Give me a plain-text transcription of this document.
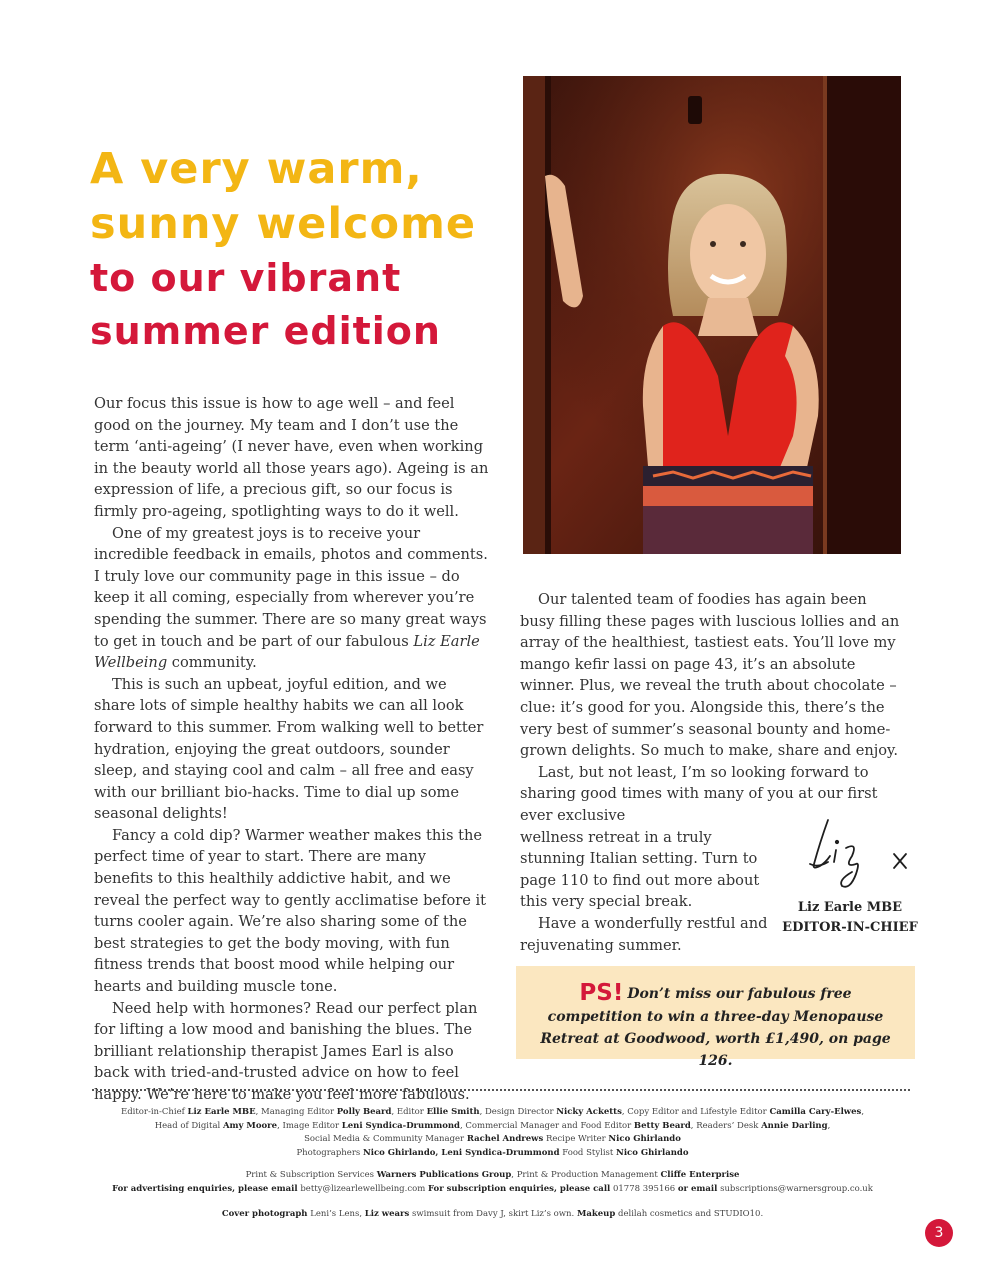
A very warm,
sunny welcome
to our vibrant
summer edition

Our focus this issue is how to age well – and feel good on the journey. My team and I don’t use the term ‘anti-ageing’ (I never have, even when working in the beauty world all those years ago). Ageing is an expression of life, a precious gift, so our focus is firmly pro-ageing, spotlighting ways to do it well.

One of my greatest joys is to receive your incredible feedback in emails, photos and comments. I truly love our community page in this issue – do keep it all coming, especially from wherever you’re spending the summer. There are so many great ways to get in touch and be part of our fabulous Liz Earle Wellbeing community.

This is such an upbeat, joyful edition, and we share lots of simple healthy habits we can all look forward to this summer. From walking well to better hydration, enjoying the great outdoors, sounder sleep, and staying cool and calm – all free and easy with our brilliant bio-hacks. Time to dial up some seasonal delights!

Fancy a cold dip? Warmer weather makes this the perfect time of year to start. There are many benefits to this healthily addictive habit, and we reveal the perfect way to gently acclimatise before it turns cooler again. We’re also sharing some of the best strategies to get the body moving, with fun fitness trends that boost mood while helping our hearts and building muscle tone.

Need help with hormones? Read our perfect plan for lifting a low mood and banishing the blues. The brilliant relationship therapist James Earl is also back with tried-and-trusted advice on how to feel happy. We’re here to make you feel more fabulous.

Our talented team of foodies has again been busy filling these pages with luscious lollies and an array of the healthiest, tastiest eats. You’ll love my mango kefir lassi on page 43, it’s an absolute winner. Plus, we reveal the truth about chocolate – clue: it’s good for you. Alongside this, there’s the very best of summer’s seasonal bounty and home-grown delights. So much to make, share and enjoy.

Last, but not least, I’m so looking forward to sharing good times with many of you at our first ever exclusive

wellness retreat in a truly stunning Italian setting. Turn to page 110 to find out more about this very special break.

Have a wonderfully restful and rejuvenating summer.

Liz Earle MBE
EDITOR-IN-CHIEF
PS! Don’t miss our fabulous free competition to win a three-day Menopause Retreat at Goodwood, worth £1,490, on page 126.
Editor-in-Chief Liz Earle MBE, Managing Editor Polly Beard, Editor Ellie Smith, Design Director Nicky Acketts, Copy Editor and Lifestyle Editor Camilla Cary-Elwes,
Head of Digital Amy Moore, Image Editor Leni Syndica-Drummond, Commercial Manager and Food Editor Betty Beard, Readers’ Desk Annie Darling,
Social Media & Community Manager Rachel Andrews Recipe Writer Nico Ghirlando
Photographers Nico Ghirlando, Leni Syndica-Drummond Food Stylist Nico Ghirlando
Print & Subscription Services Warners Publications Group, Print & Production Management Cliffe Enterprise
For advertising enquiries, please email betty@lizearlewellbeing.com For subscription enquiries, please call 01778 395166 or email subscriptions@warnersgroup.co.uk
Cover photograph Leni’s Lens, Liz wears swimsuit from Davy J, skirt Liz’s own. Makeup delilah cosmetics and STUDIO10.
3
